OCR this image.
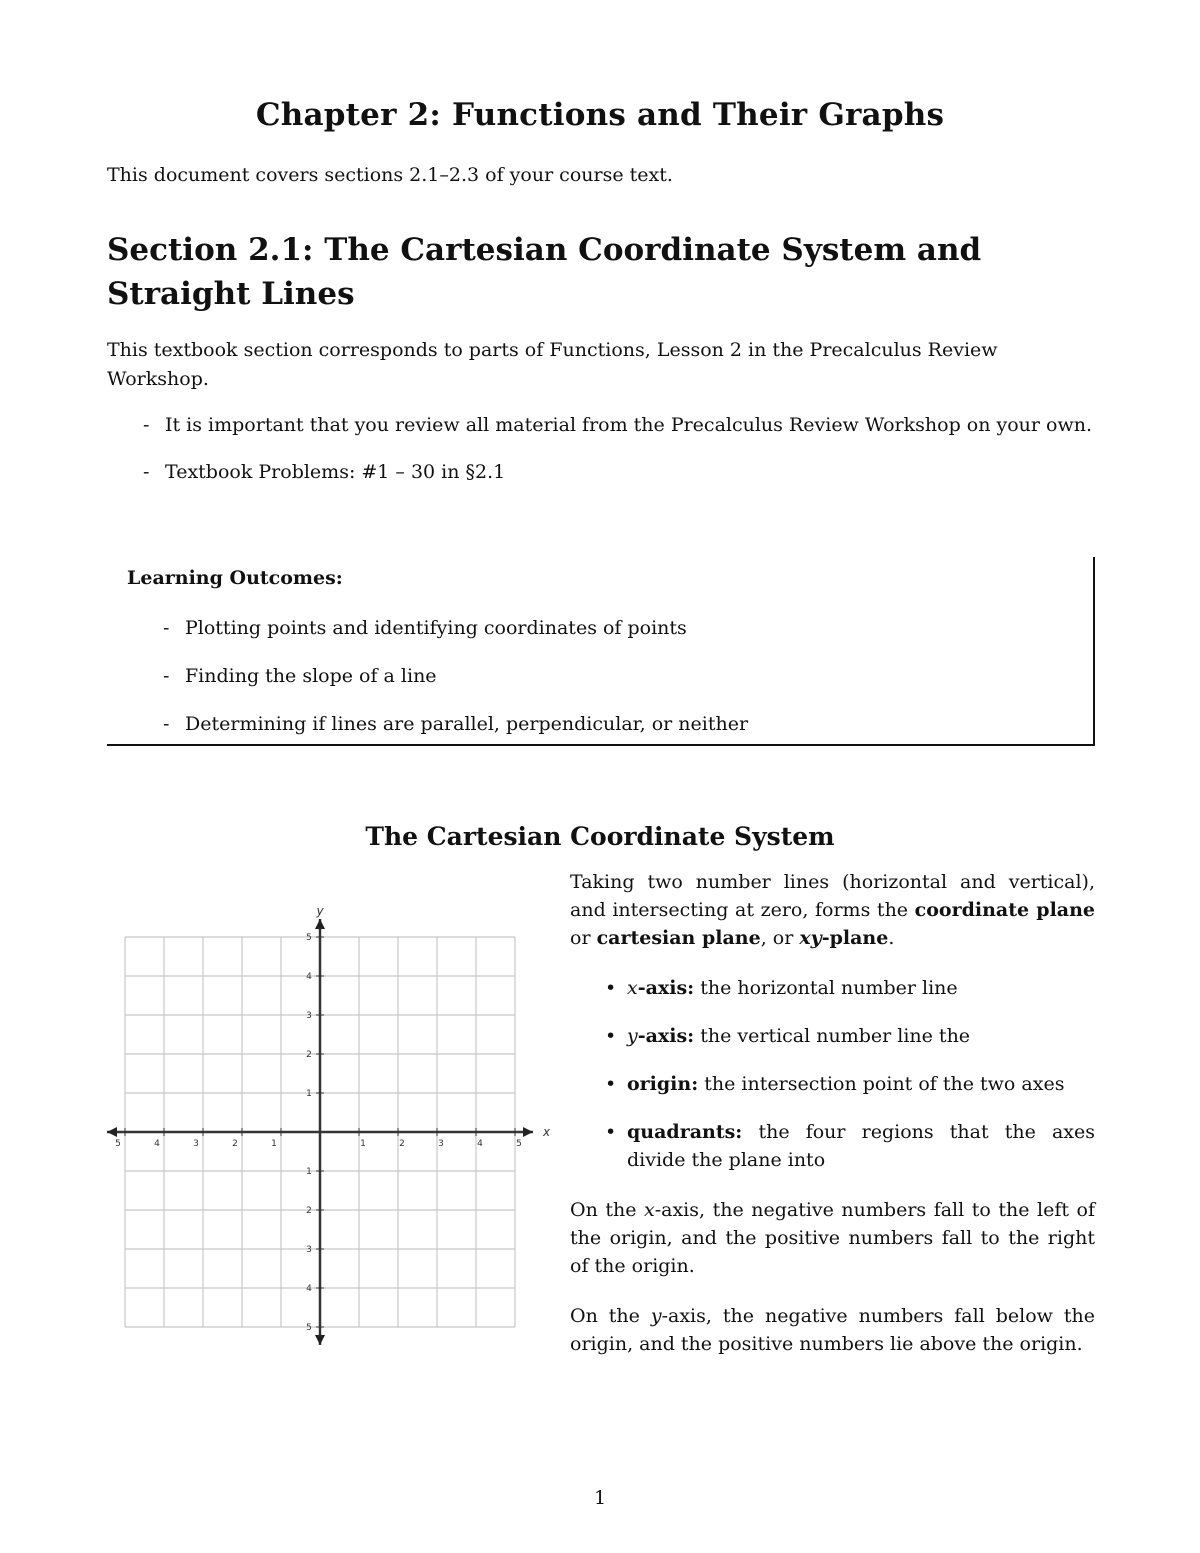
Chapter 2: Functions and Their Graphs
This document covers sections 2.1–2.3 of your course text.
Section 2.1: The Cartesian Coordinate System and Straight Lines
This textbook section corresponds to parts of Functions, Lesson 2 in the Precalculus Review Workshop.
- It is important that you review all material from the Precalculus Review Workshop on your own.
- Textbook Problems: #1 – 30 in §2.1
Learning Outcomes:
- Plotting points and identifying coordinates of points
- Finding the slope of a line
- Determining if lines are parallel, perpendicular, or neither
The Cartesian Coordinate System
x
y
5	4	3	2	1	1	2	3	4	5
5
4
3
2
1
1
2
3
4
5

Taking two number lines (horizontal and vertical), and intersecting at zero, forms the coordinate plane or cartesian plane, or xy-plane.

• x-axis: the horizontal number line
• y-axis: the vertical number line the
• origin: the intersection point of the two axes
• quadrants: the four regions that the axes divide the plane into

On the x-axis, the negative numbers fall to the left of the origin, and the positive numbers fall to the right of the origin.

On the y-axis, the negative numbers fall below the origin, and the positive numbers lie above the origin.

1
